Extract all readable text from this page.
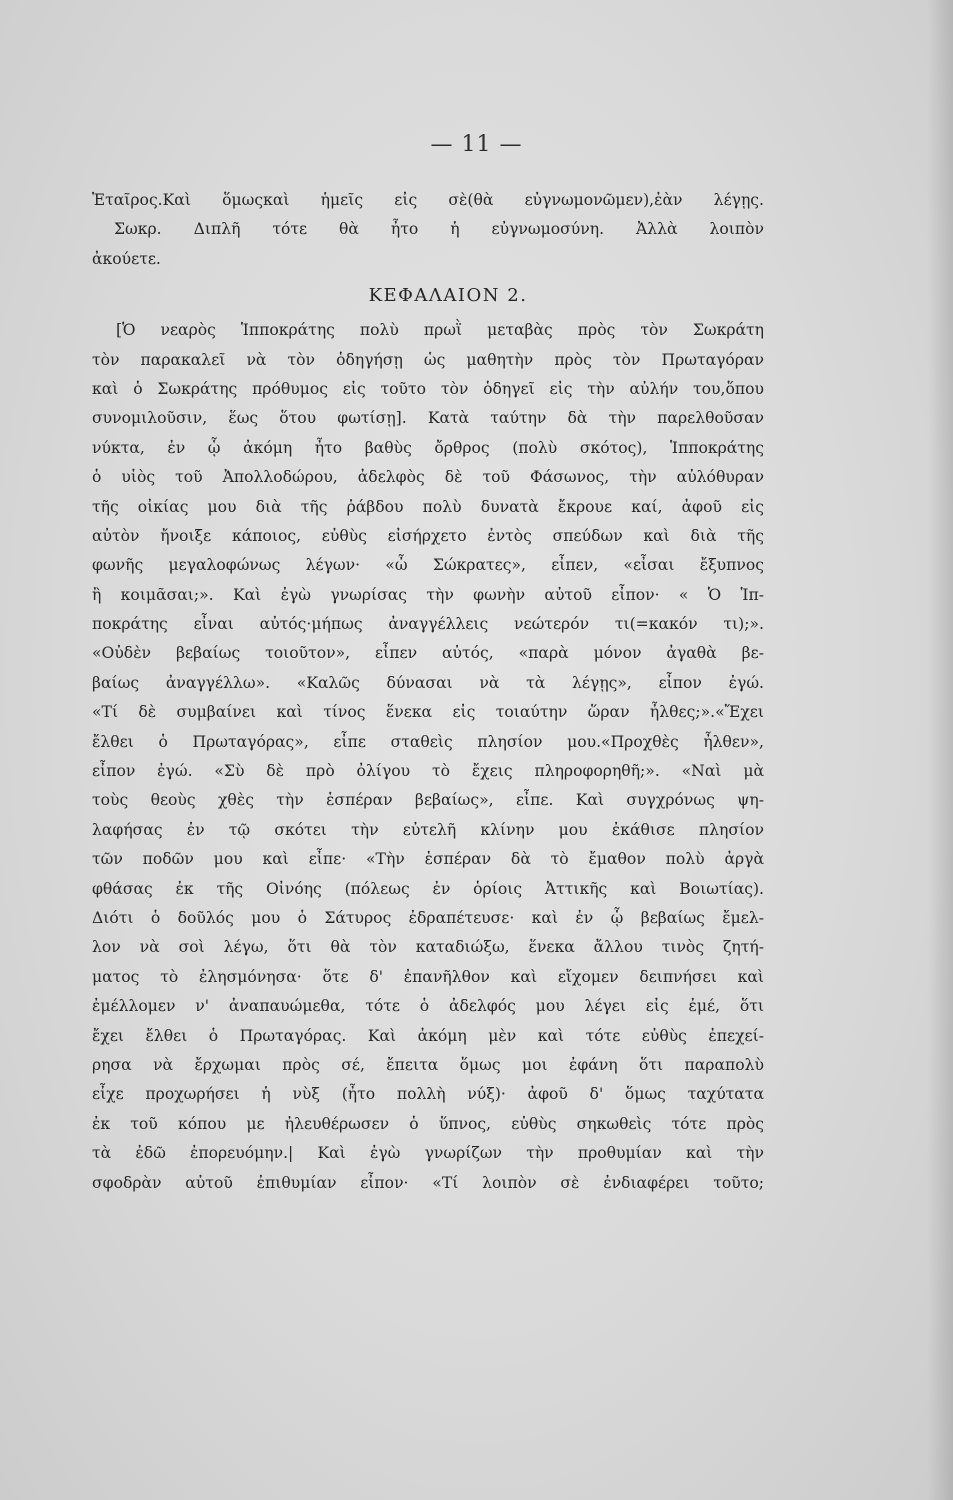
— 11 —
Ἑταῖρος.Καὶ ὅμωςκαὶ ἡμεῖς εἰς σὲ(θὰ εὐγνωμονῶμεν),ἐὰν λέγῃς.
Σωκρ. Διπλῆ τότε θὰ ἦτο ἡ εὐγνωμοσύνη. Ἀλλὰ λοιπὸν
ἀκούετε.
ΚΕΦΑΛΑΙΟΝ 2.
[Ὁ νεαρὸς Ἱπποκράτης πολὺ πρωῒ μεταβὰς πρὸς τὸν Σωκράτη
τὸν παρακαλεῖ νὰ τὸν ὁδηγήσῃ ὡς μαθητὴν πρὸς τὸν Πρωταγόραν
καὶ ὁ Σωκράτης πρόθυμος εἰς τοῦτο τὸν ὁδηγεῖ εἰς τὴν αὐλήν του,ὅπου
συνομιλοῦσιν, ἕως ὅτου φωτίσῃ]. Κατὰ ταύτην δὰ τὴν παρελθοῦσαν
νύκτα, ἐν ᾧ ἀκόμη ἦτο βαθὺς ὄρθρος (πολὺ σκότος), Ἱπποκράτης
ὁ υἱὸς τοῦ Ἀπολλοδώρου, ἀδελφὸς δὲ τοῦ Φάσωνος, τὴν αὐλόθυραν
τῆς οἰκίας μου διὰ τῆς ῥάβδου πολὺ δυνατὰ ἔκρουε καί, ἀφοῦ εἰς
αὐτὸν ἤνοιξε κάποιος, εὐθὺς εἰσήρχετο ἐντὸς σπεύδων καὶ διὰ τῆς
φωνῆς μεγαλοφώνως λέγων· «ὦ Σώκρατες», εἶπεν, «εἶσαι ἔξυπνος
ἢ κοιμᾶσαι;». Καὶ ἐγὼ γνωρίσας τὴν φωνὴν αὐτοῦ εἶπον· « Ὁ Ἱπ-
ποκράτης εἶναι αὐτός·μήπως ἀναγγέλλεις νεώτερόν τι(=κακόν τι);».
«Οὐδὲν βεβαίως τοιοῦτον», εἶπεν αὐτός, «παρὰ μόνον ἀγαθὰ βε-
βαίως ἀναγγέλλω». «Καλῶς δύνασαι νὰ τὰ λέγῃς», εἶπον ἐγώ.
«Τί δὲ συμβαίνει καὶ τίνος ἕνεκα εἰς τοιαύτην ὥραν ἦλθες;».«Ἔχει
ἔλθει ὁ Πρωταγόρας», εἶπε σταθεὶς πλησίον μου.«Προχθὲς ἦλθεν»,
εἶπον ἐγώ. «Σὺ δὲ πρὸ ὀλίγου τὸ ἔχεις πληροφορηθῆ;». «Ναὶ μὰ
τοὺς θεοὺς χθὲς τὴν ἑσπέραν βεβαίως», εἶπε. Καὶ συγχρόνως ψη-
λαφήσας ἐν τῷ σκότει τὴν εὐτελῆ κλίνην μου ἐκάθισε πλησίον
τῶν ποδῶν μου καὶ εἶπε· «Τὴν ἑσπέραν δὰ τὸ ἔμαθον πολὺ ἀργὰ
φθάσας ἐκ τῆς Οἰνόης (πόλεως ἐν ὁρίοις Ἀττικῆς καὶ Βοιωτίας).
Διότι ὁ δοῦλός μου ὁ Σάτυρος ἐδραπέτευσε· καὶ ἐν ᾧ βεβαίως ἔμελ-
λον νὰ σοὶ λέγω, ὅτι θὰ τὸν καταδιώξω, ἕνεκα ἄλλου τινὸς ζητή-
ματος τὸ ἐλησμόνησα· ὅτε δ' ἐπανῆλθον καὶ εἴχομεν δειπνήσει καὶ
ἐμέλλομεν ν' ἀναπαυώμεθα, τότε ὁ ἀδελφός μου λέγει εἰς ἐμέ, ὅτι
ἔχει ἔλθει ὁ Πρωταγόρας. Καὶ ἀκόμη μὲν καὶ τότε εὐθὺς ἐπεχεί-
ρησα νὰ ἔρχωμαι πρὸς σέ, ἔπειτα ὅμως μοι ἐφάνη ὅτι παραπολὺ
εἶχε προχωρήσει ἡ νὺξ (ἦτο πολλὴ νύξ)· ἀφοῦ δ' ὅμως ταχύτατα
ἐκ τοῦ κόπου με ἠλευθέρωσεν ὁ ὕπνος, εὐθὺς σηκωθεὶς τότε πρὸς
τὰ ἐδῶ ἐπορευόμην.| Καὶ ἐγὼ γνωρίζων τὴν προθυμίαν καὶ τὴν
σφοδρὰν αὐτοῦ ἐπιθυμίαν εἶπον· «Τί λοιπὸν σὲ ἐνδιαφέρει τοῦτο;
